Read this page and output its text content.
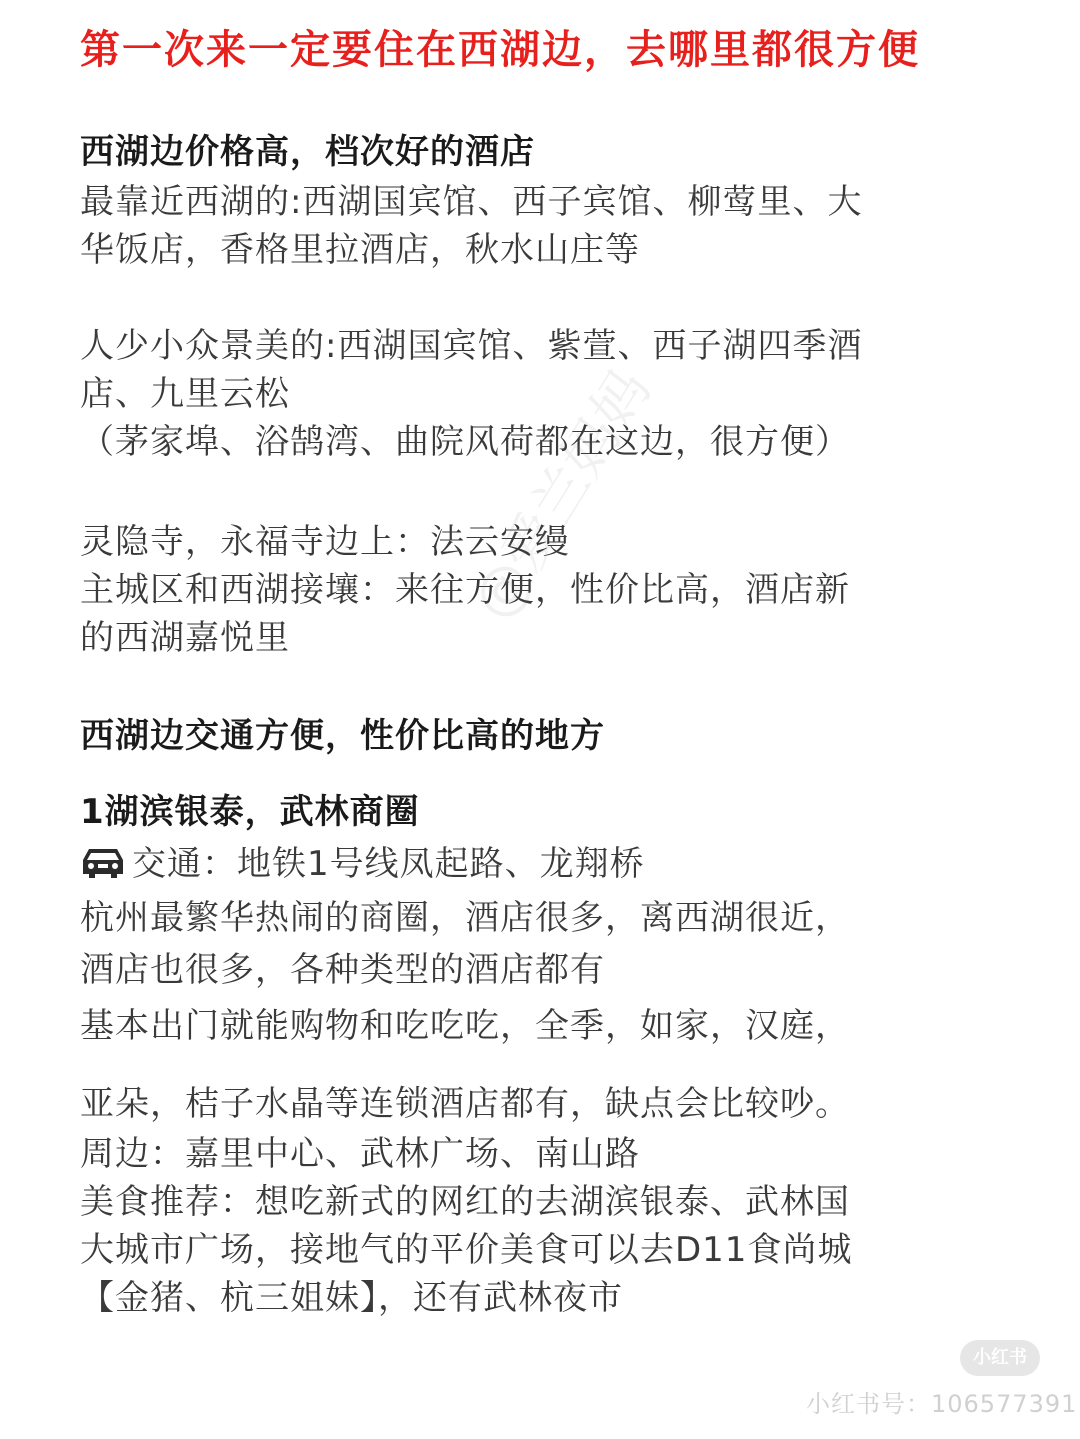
第一次来一定要住在西湖边，去哪里都很方便
西湖边价格高，档次好的酒店
最靠近西湖的:西湖国宾馆、西子宾馆、柳莺里、大
华饭店，香格里拉酒店，秋水山庄等
人少小众景美的:西湖国宾馆、紫萱、西子湖四季酒
店、九里云松
（茅家埠、浴鹄湾、曲院风荷都在这边，很方便）
灵隐寺，永福寺边上：法云安缦
主城区和西湖接壤：来往方便，性价比高，酒店新
的西湖嘉悦里
西湖边交通方便，性价比高的地方
1湖滨银泰，武林商圈
交通：地铁1号线凤起路、龙翔桥
杭州最繁华热闹的商圈，酒店很多，离西湖很近，
酒店也很多，各种类型的酒店都有
基本出门就能购物和吃吃吃，全季，如家，汉庭，
亚朵，桔子水晶等连锁酒店都有，缺点会比较吵。
周边：嘉里中心、武林广场、南山路
美食推荐：想吃新式的网红的去湖滨银泰、武林国
大城市广场，接地气的平价美食可以去D11食尚城
【金猪、杭三姐妹】，还有武林夜市
@爱兰妈妈
小红书
小红书号：106577391
